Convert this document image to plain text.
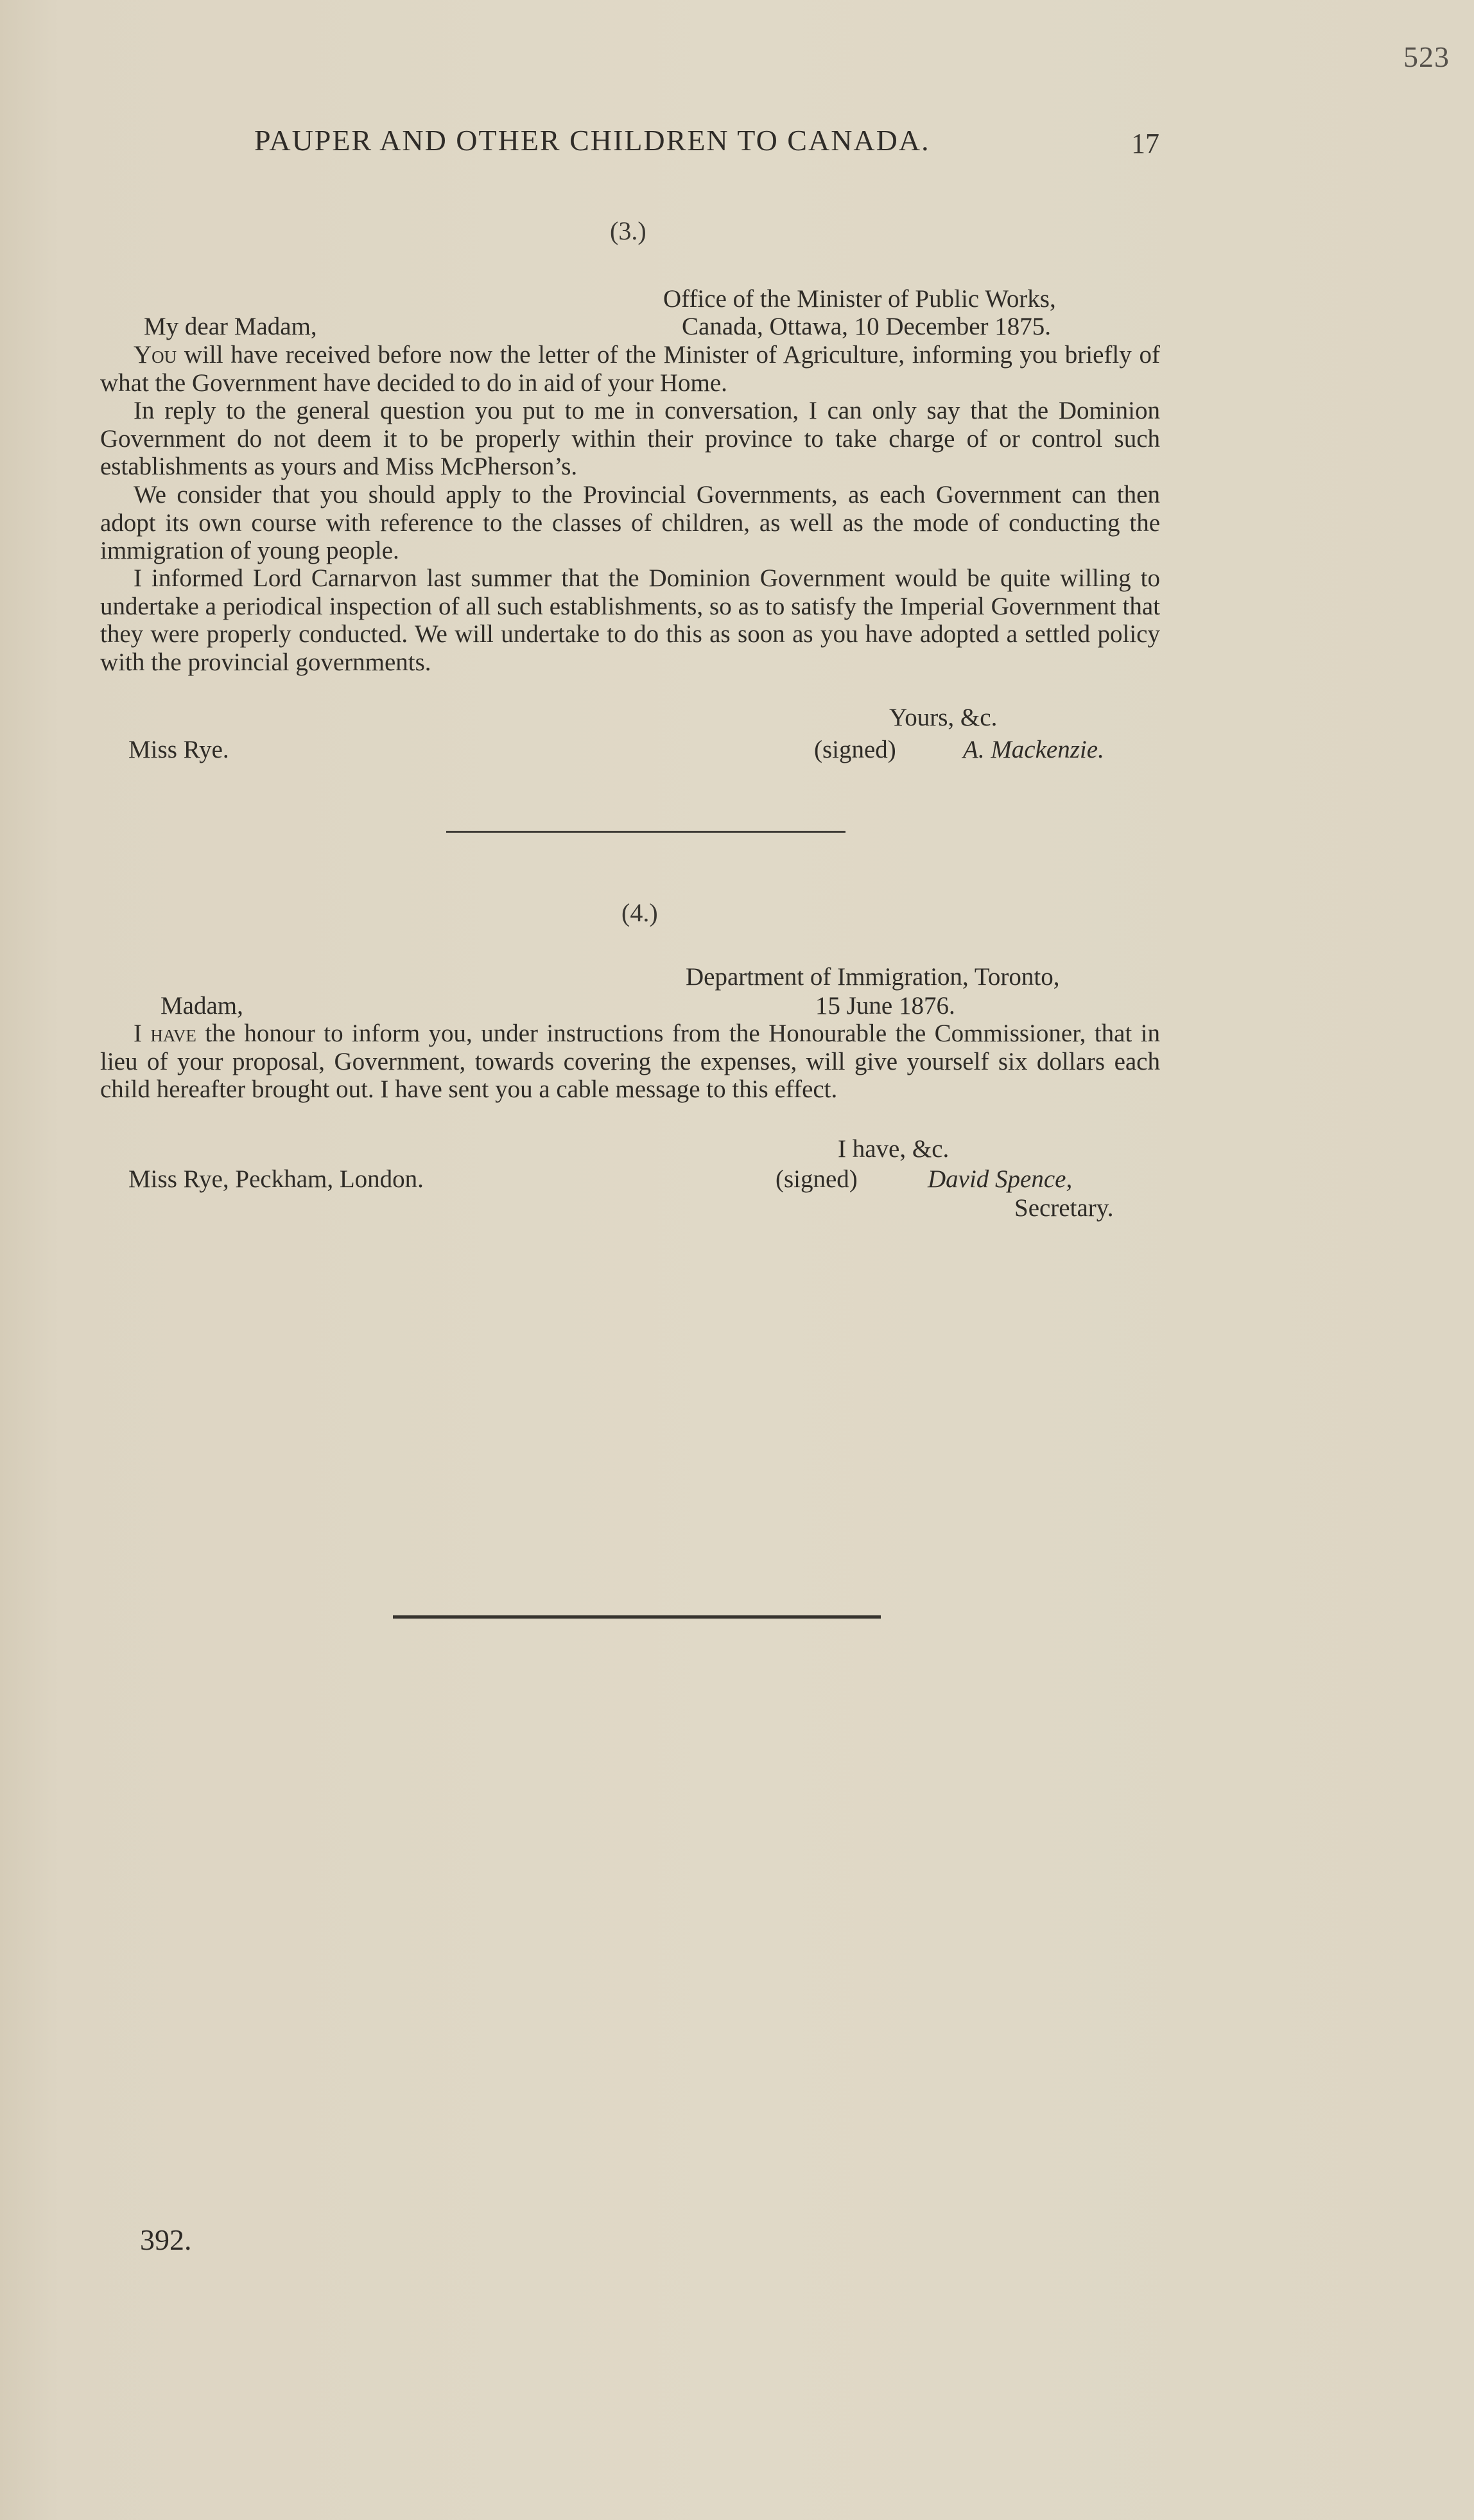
523
PAUPER AND OTHER CHILDREN TO CANADA.	17
(3.)
Office of the Minister of Public Works,
My dear Madam,	Canada, Ottawa, 10 December 1875.

You will have received before now the letter of the Minister of Agriculture, informing you briefly of what the Government have decided to do in aid of your Home.

In reply to the general question you put to me in conversation, I can only say that the Dominion Government do not deem it to be properly within their province to take charge of or control such establishments as yours and Miss McPherson’s.

We consider that you should apply to the Provincial Governments, as each Government can then adopt its own course with reference to the classes of children, as well as the mode of conducting the immigration of young people.

I informed Lord Carnarvon last summer that the Dominion Government would be quite willing to undertake a periodical inspection of all such establishments, so as to satisfy the Imperial Government that they were properly conducted. We will undertake to do this as soon as you have adopted a settled policy with the provincial governments.

Yours, &c.
Miss Rye.	(signed)	A. Mackenzie.
(4.)
Department of Immigration, Toronto,
Madam,	15 June 1876.

I have the honour to inform you, under instructions from the Honourable the Commissioner, that in lieu of your proposal, Government, towards covering the expenses, will give yourself six dollars each child hereafter brought out. I have sent you a cable message to this effect.

I have, &c.
Miss Rye, Peckham, London.	(signed)	David Spence,
Secretary.
392.
